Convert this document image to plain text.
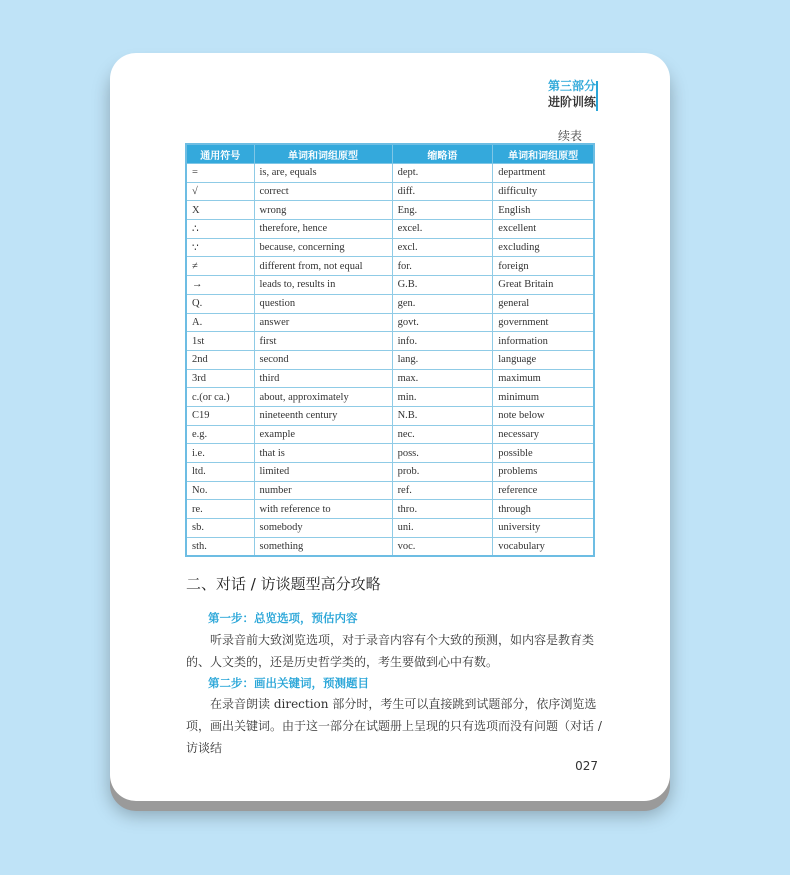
第三部分
进阶训练
续表
通用符号	单词和词组原型	缩略语	单词和词组原型
=	is, are, equals	dept.	department
√	correct	diff.	difficulty
X	wrong	Eng.	English
∴	therefore, hence	excel.	excellent
∵	because, concerning	excl.	excluding
≠	different from, not equal	for.	foreign
→	leads to, results in	G.B.	Great Britain
Q.	question	gen.	general
A.	answer	govt.	government
1st	first	info.	information
2nd	second	lang.	language
3rd	third	max.	maximum
c.(or ca.)	about, approximately	min.	minimum
C19	nineteenth century	N.B.	note below
e.g.	example	nec.	necessary
i.e.	that is	poss.	possible
ltd.	limited	prob.	problems
No.	number	ref.	reference
re.	with reference to	thro.	through
sb.	somebody	uni.	university
sth.	something	voc.	vocabulary
二、对话 / 访谈题型高分攻略
第一步：总览选项，预估内容
听录音前大致浏览选项，对于录音内容有个大致的预测，如内容是教育类的、人文类的，还是历史哲学类的，考生要做到心中有数。
第二步：画出关键词，预测题目
在录音朗读 direction 部分时，考生可以直接跳到试题部分，依序浏览选项，画出关键词。由于这一部分在试题册上呈现的只有选项而没有问题（对话 / 访谈结
027
